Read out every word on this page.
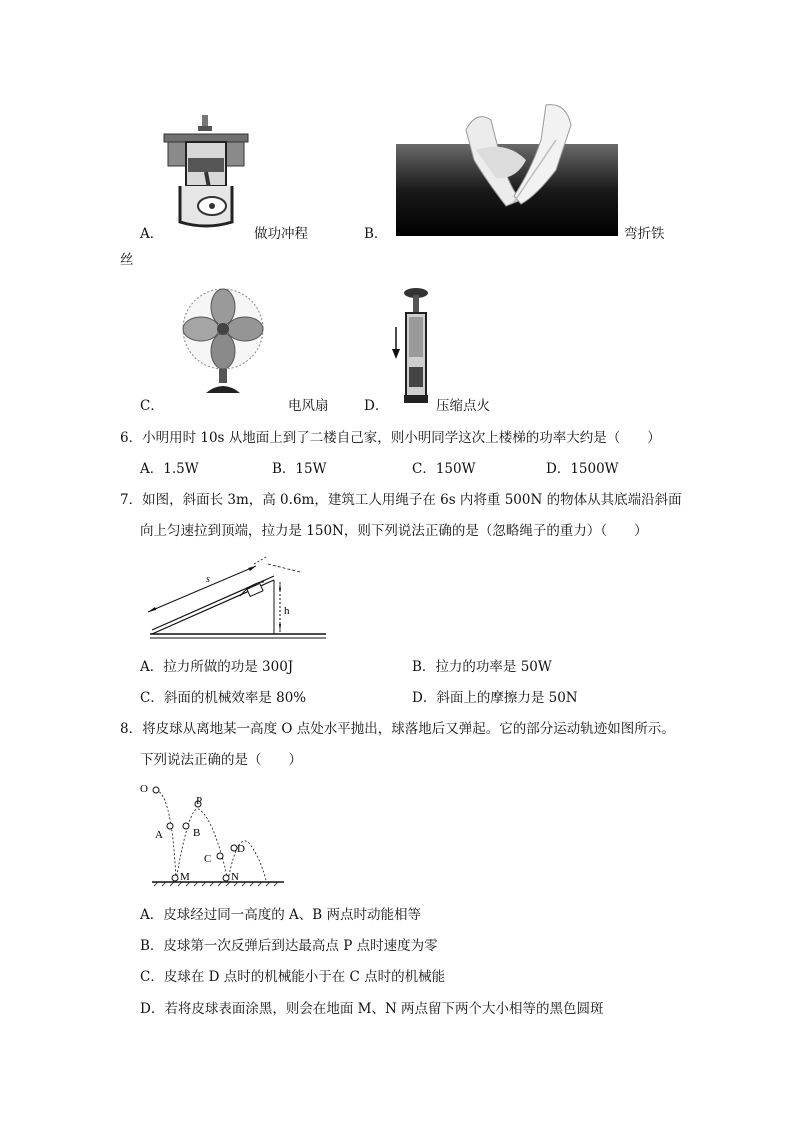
A．	做功冲程	B．	弯折铁
丝
C．	电风扇	D．	压缩点火
6．小明用时 10s 从地面上到了二楼自己家，则小明同学这次上楼梯的功率大约是（　　）
A．1.5W	B．15W	C．150W	D．1500W
7．如图，斜面长 3m，高 0.6m，建筑工人用绳子在 6s 内将重 500N 的物体从其底端沿斜面
向上匀速拉到顶端，拉力是 150N，则下列说法正确的是（忽略绳子的重力）（　　）
h
s
A．拉力所做的功是 300J	B．拉力的功率是 50W
C．斜面的机械效率是 80%	D．斜面上的摩擦力是 50N
8．将皮球从离地某一高度 O 点处水平抛出，球落地后又弹起。它的部分运动轨迹如图所示。
下列说法正确的是（　　）
O
P
A	B
C
D
M	N
A．皮球经过同一高度的 A、B 两点时动能相等
B．皮球第一次反弹后到达最高点 P 点时速度为零
C．皮球在 D 点时的机械能小于在 C 点时的机械能
D．若将皮球表面涂黑，则会在地面 M、N 两点留下两个大小相等的黑色圆斑
